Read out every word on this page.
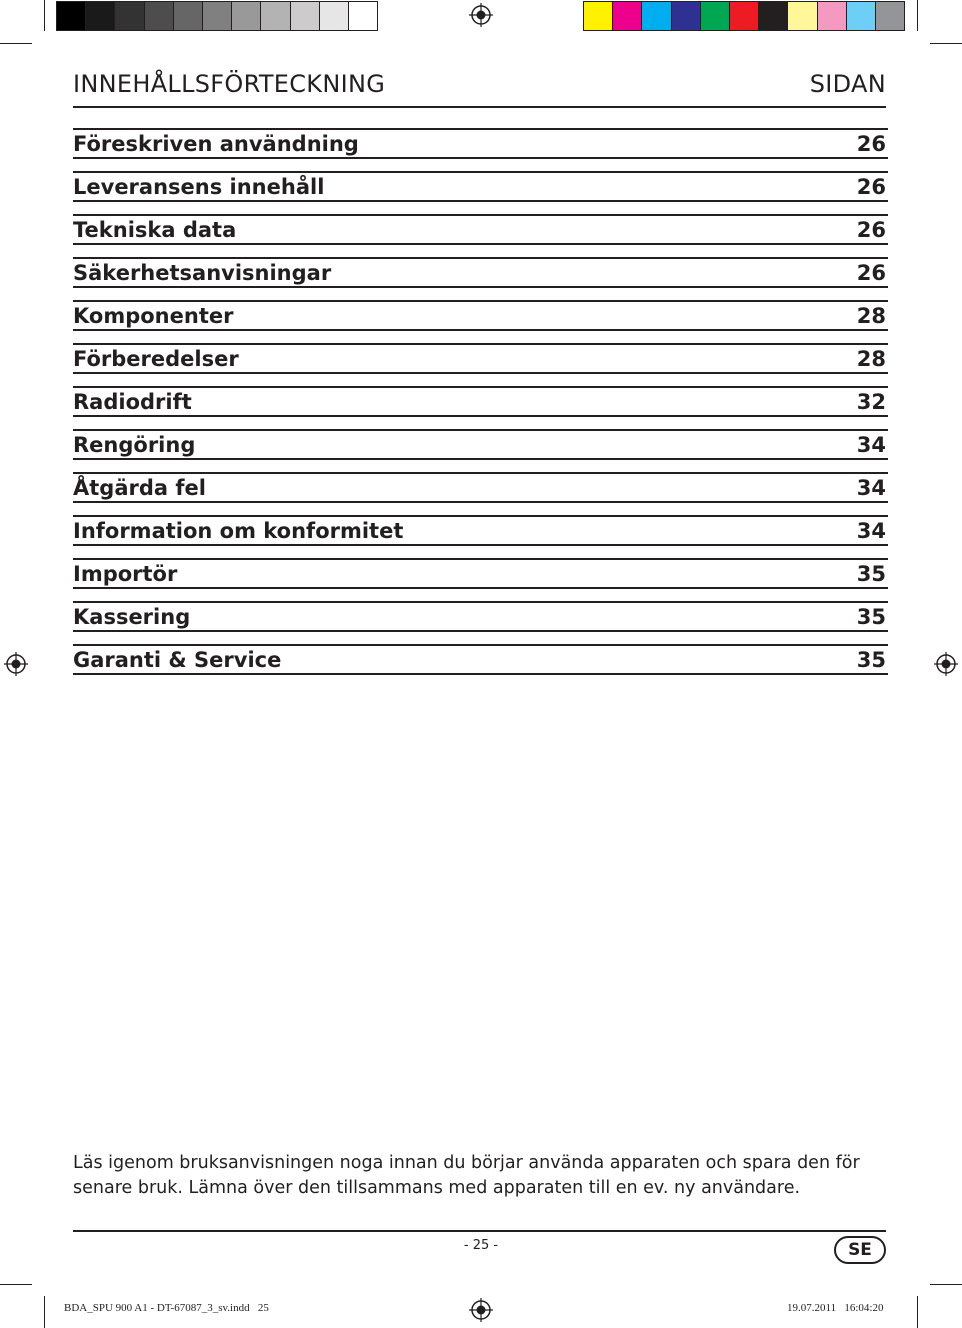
INNEHÅLLSFÖRTECKNING	SIDAN
Föreskriven användning	26
Leveransens innehåll	26
Tekniska data	26
Säkerhetsanvisningar	26
Komponenter	28
Förberedelser	28
Radiodrift	32
Rengöring	34
Åtgärda fel	34
Information om konformitet	34
Importör	35
Kassering	35
Garanti & Service	35
Läs igenom bruksanvisningen noga innan du börjar använda apparaten och spara den för
senare bruk. Lämna över den tillsammans med apparaten till en ev. ny användare.
- 25 -	SE
BDA_SPU 900 A1 - DT-67087_3_sv.indd   25	19.07.2011   16:04:20
